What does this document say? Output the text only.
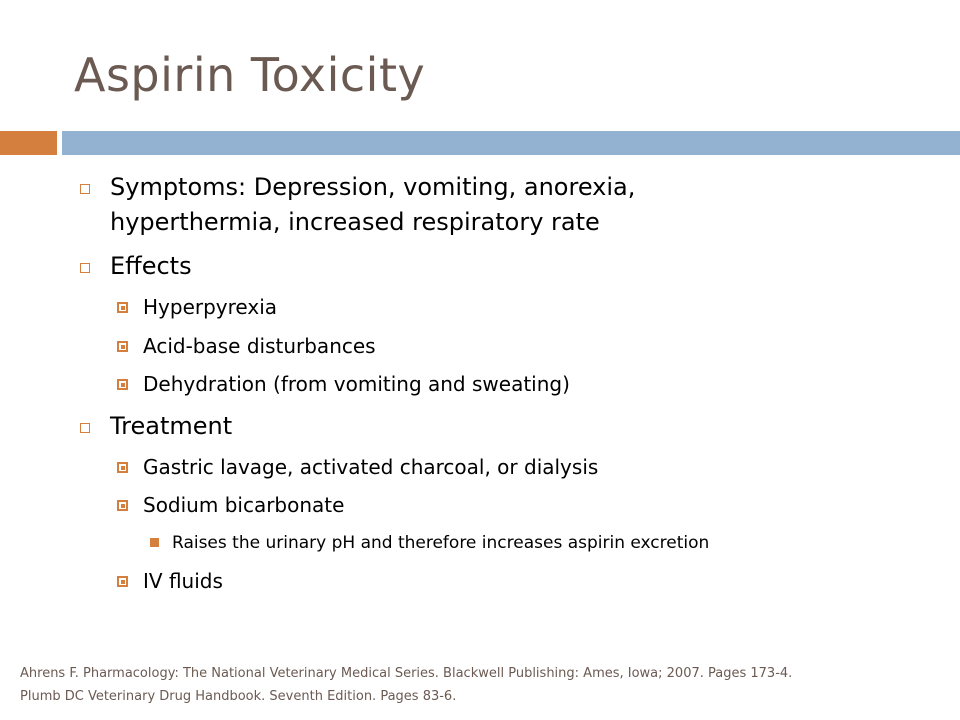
Aspirin Toxicity
Symptoms: Depression, vomiting, anorexia,
hyperthermia, increased respiratory rate
Effects
Hyperpyrexia
Acid-base disturbances
Dehydration (from vomiting and sweating)
Treatment
Gastric lavage, activated charcoal, or dialysis
Sodium bicarbonate
Raises the urinary pH and therefore increases aspirin excretion
IV fluids
Ahrens F. Pharmacology: The National Veterinary Medical Series. Blackwell Publishing: Ames, Iowa; 2007. Pages 173-4.
Plumb DC Veterinary Drug Handbook. Seventh Edition. Pages 83-6.
